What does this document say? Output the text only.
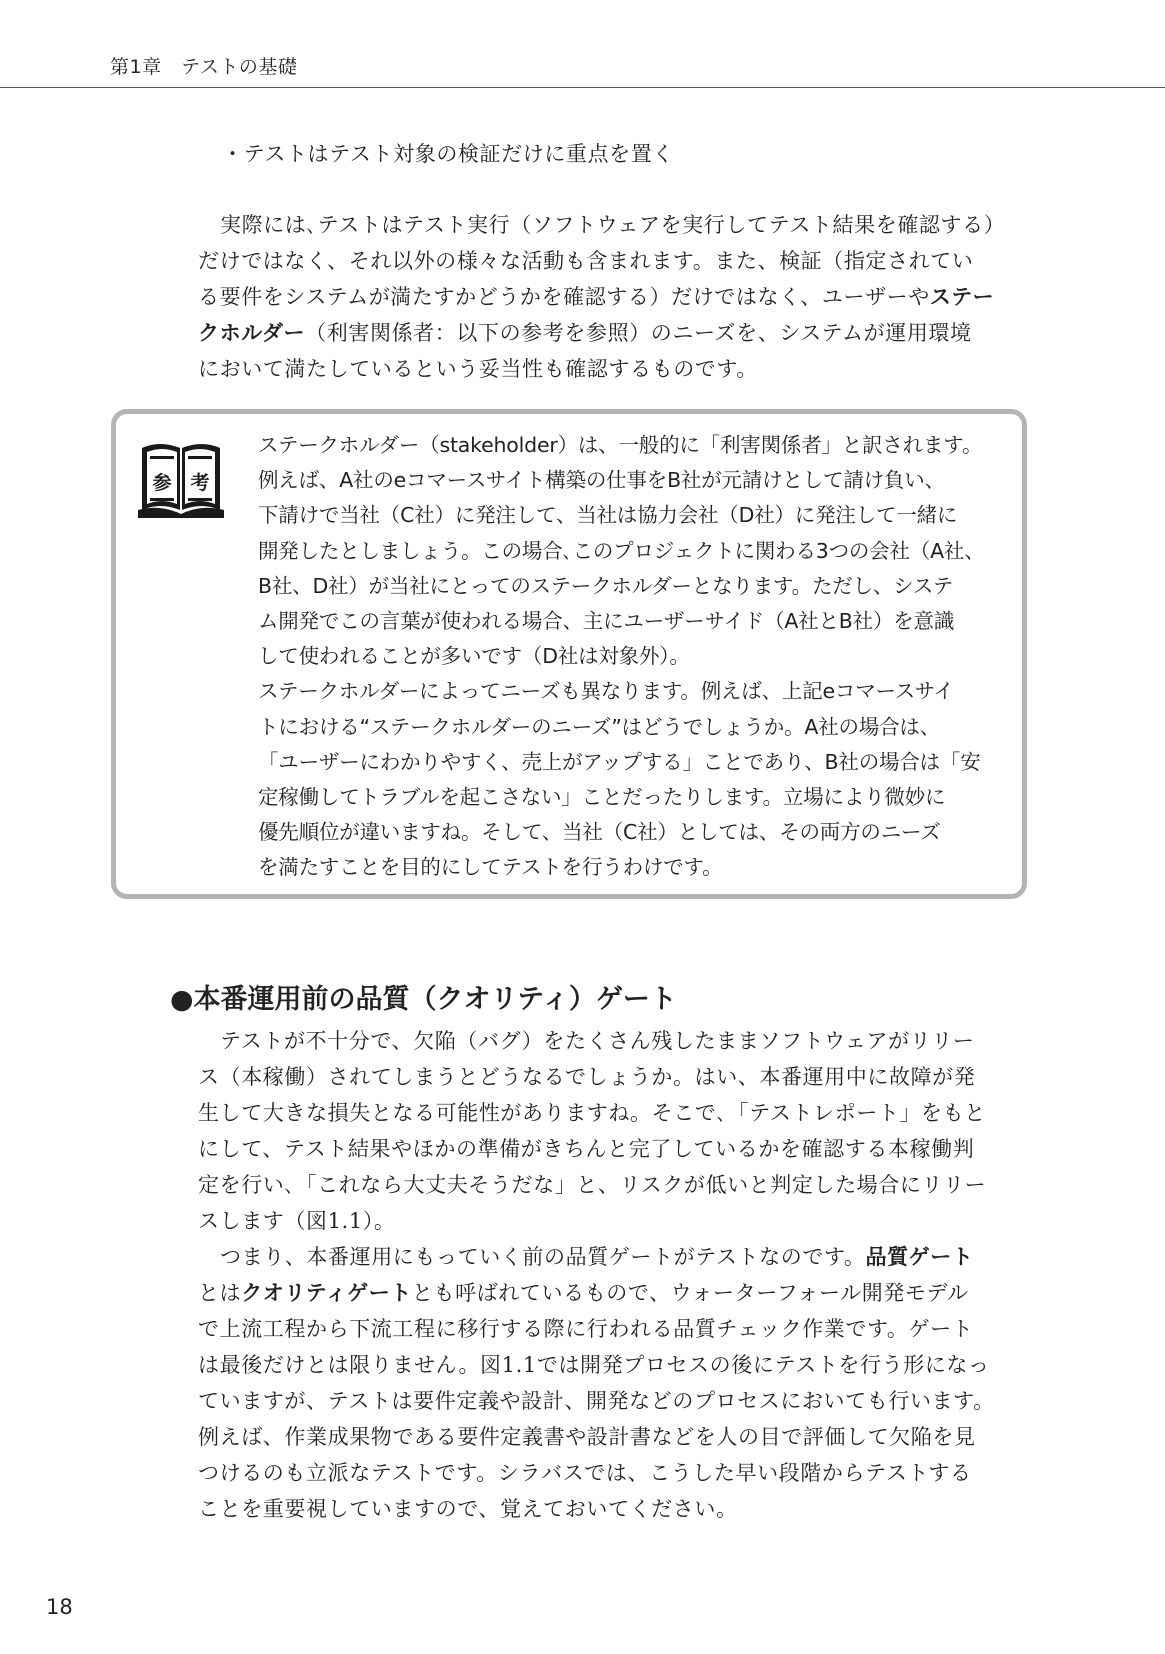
第1章　テストの基礎
・テストはテスト対象の検証だけに重点を置く
実際には､テストはテスト実行（ソフトウェアを実行してテスト結果を確認する）
だけではなく、それ以外の様々な活動も含まれます。また、検証（指定されてい
る要件をシステムが満たすかどうかを確認する）だけではなく、ユーザーやステー
クホルダー（利害関係者：以下の参考を参照）のニーズを、システムが運用環境
において満たしているという妥当性も確認するものです。
参 考
ステークホルダー（stakeholder）は、一般的に「利害関係者」と訳されます。
例えば、A社のeコマースサイト構築の仕事をB社が元請けとして請け負い、
下請けで当社（C社）に発注して、当社は協力会社（D社）に発注して一緒に
開発したとしましょう。この場合､このプロジェクトに関わる3つの会社（A社、
B社、D社）が当社にとってのステークホルダーとなります。ただし、システ
ム開発でこの言葉が使われる場合、主にユーザーサイド（A社とB社）を意識
して使われることが多いです（D社は対象外）。
ステークホルダーによってニーズも異なります。例えば、上記eコマースサイ
トにおける“ステークホルダーのニーズ”はどうでしょうか。A社の場合は、
「ユーザーにわかりやすく、売上がアップする」ことであり、B社の場合は「安
定稼働してトラブルを起こさない」ことだったりします。立場により微妙に
優先順位が違いますね。そして、当社（C社）としては、その両方のニーズ
を満たすことを目的にしてテストを行うわけです。
●本番運用前の品質（クオリティ）ゲート
テストが不十分で、欠陥（バグ）をたくさん残したままソフトウェアがリリー
ス（本稼働）されてしまうとどうなるでしょうか。はい、本番運用中に故障が発
生して大きな損失となる可能性がありますね。そこで､「テストレポート」をもと
にして、テスト結果やほかの準備がきちんと完了しているかを確認する本稼働判
定を行い､「これなら大丈夫そうだな」と、リスクが低いと判定した場合にリリー
スします（図1.1）。
つまり、本番運用にもっていく前の品質ゲートがテストなのです。品質ゲート
とはクオリティゲートとも呼ばれているもので、ウォーターフォール開発モデル
で上流工程から下流工程に移行する際に行われる品質チェック作業です。ゲート
は最後だけとは限りません。図1.1では開発プロセスの後にテストを行う形になっ
ていますが、テストは要件定義や設計、開発などのプロセスにおいても行います。
例えば、作業成果物である要件定義書や設計書などを人の目で評価して欠陥を見
つけるのも立派なテストです。シラバスでは、こうした早い段階からテストする
ことを重要視していますので、覚えておいてください。
18
